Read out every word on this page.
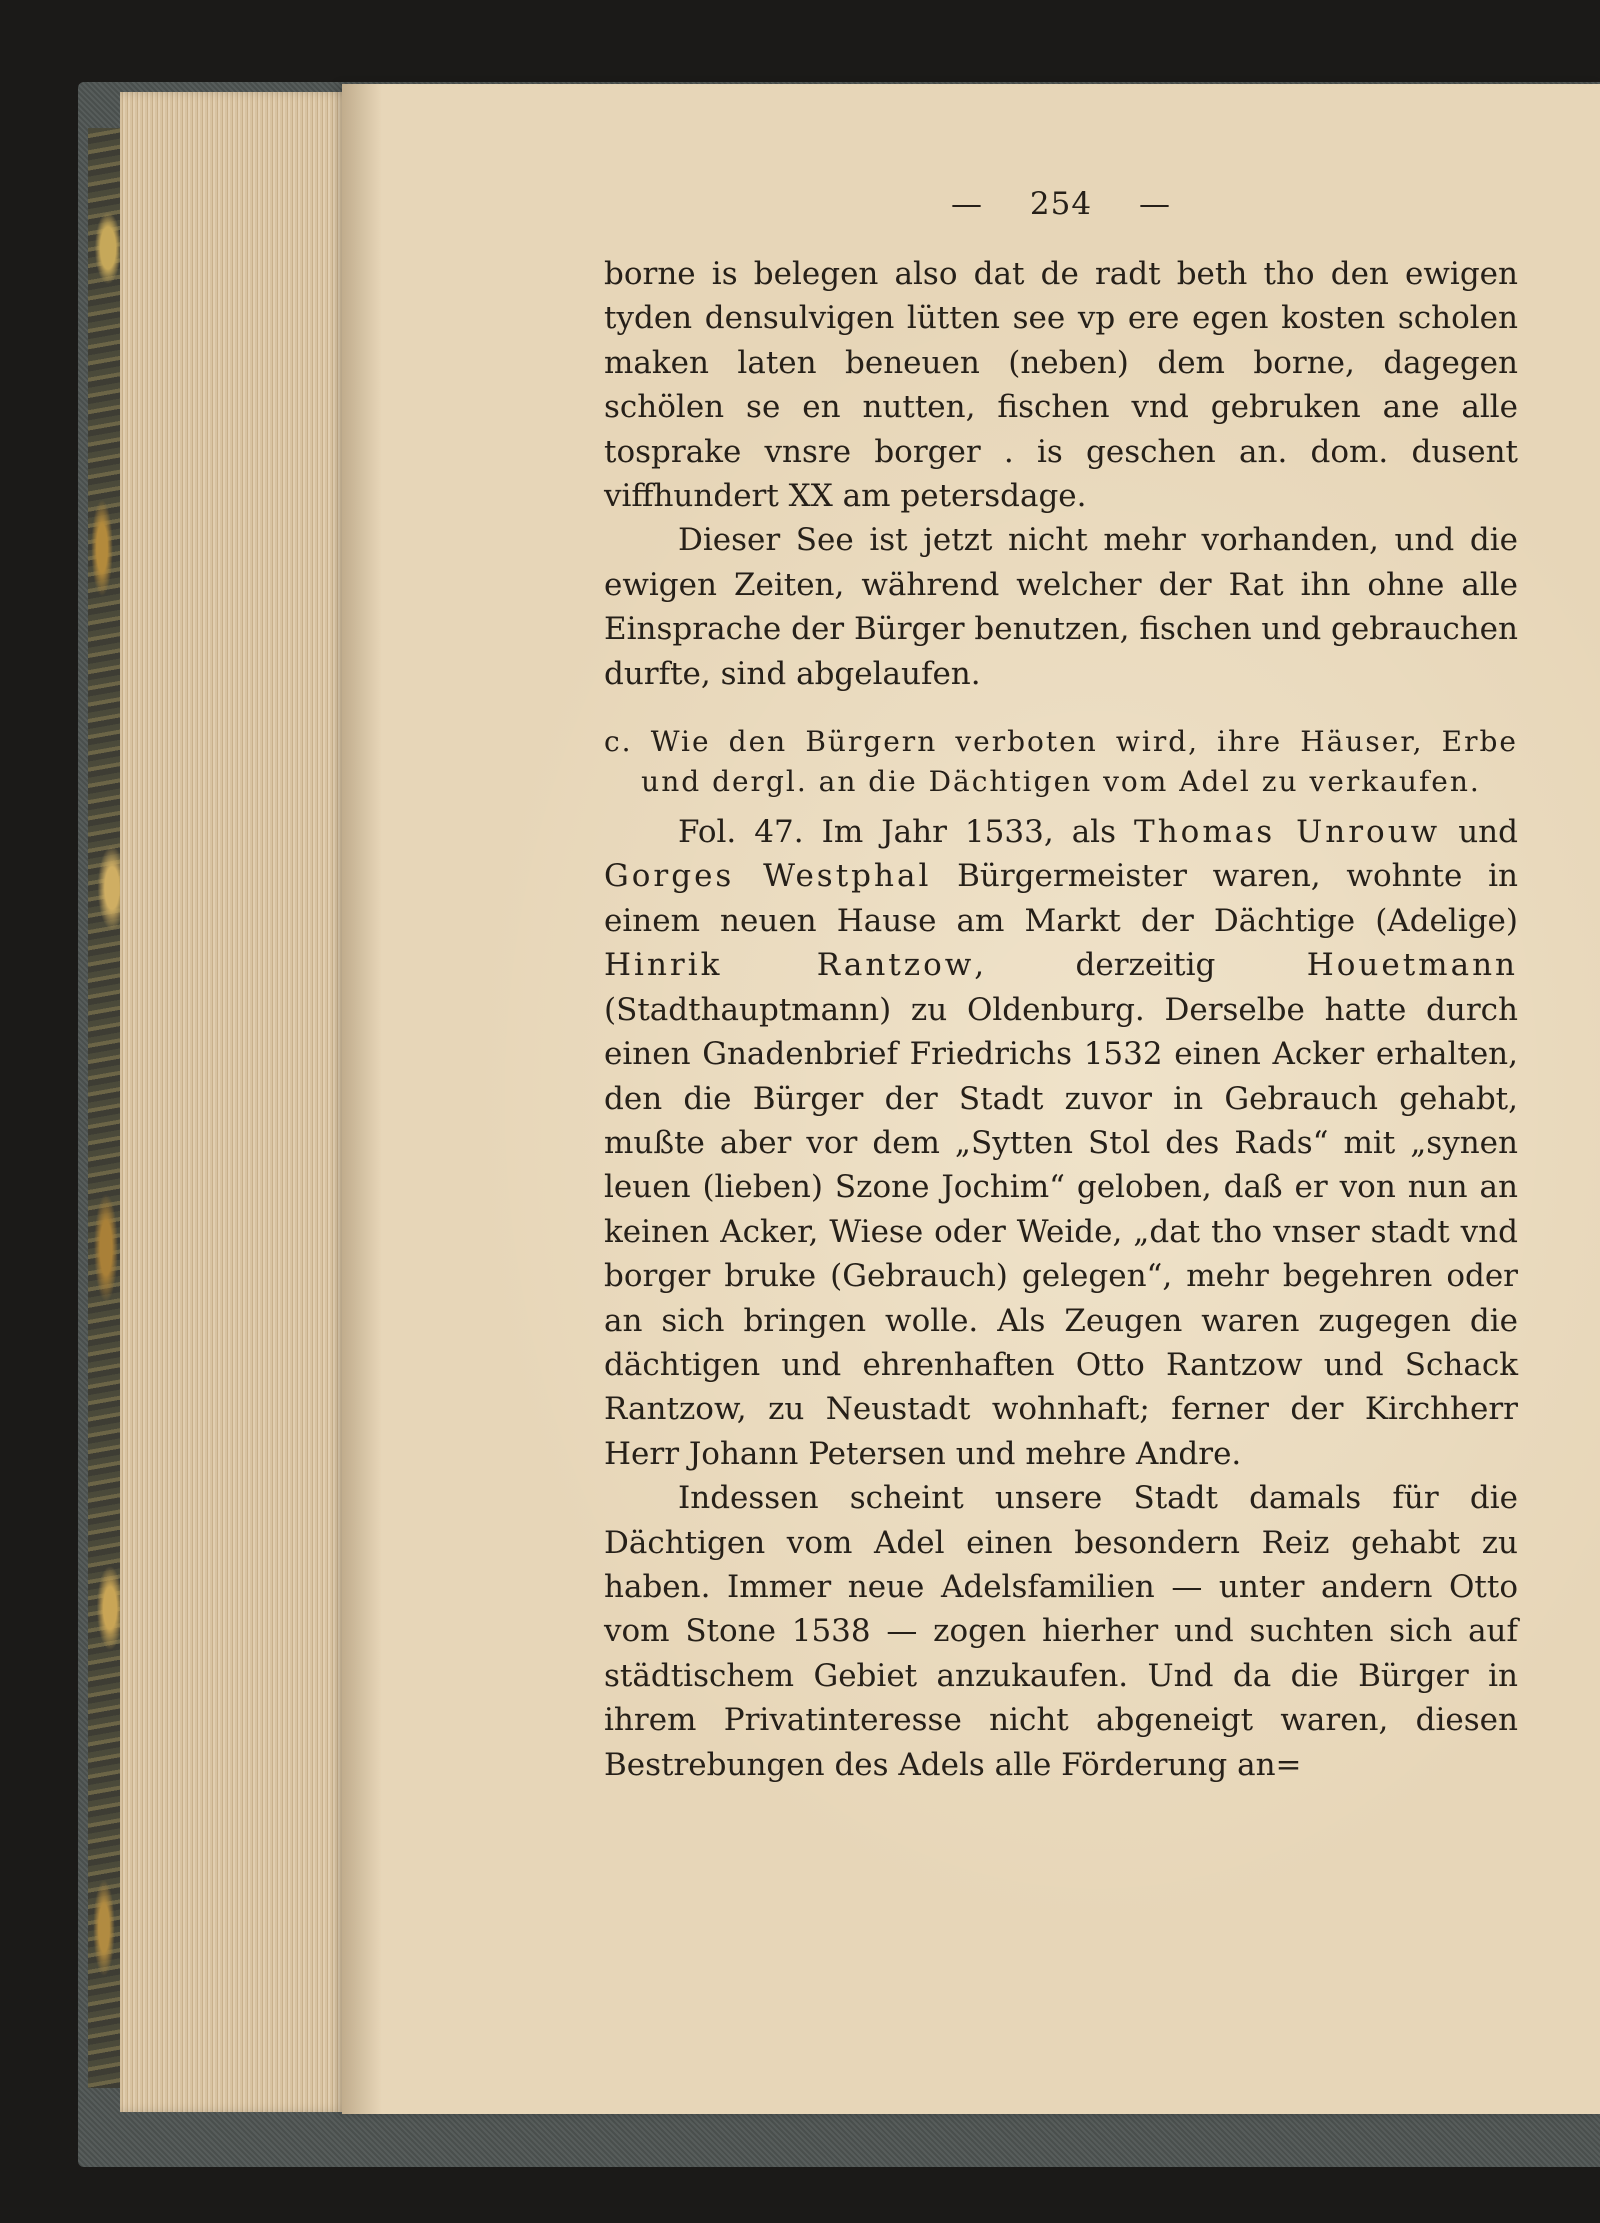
— 254 —

borne is belegen also dat de radt beth tho den ewigen tyden densulvigen lütten see vp ere egen kosten scholen maken laten beneuen (neben) dem borne, dagegen schölen se en nutten, fischen vnd gebruken ane alle tosprake vnsre borger . is geschen an. dom. dusent viffhundert XX am petersdage.

Dieser See ist jetzt nicht mehr vorhanden, und die ewigen Zeiten, während welcher der Rat ihn ohne alle Einsprache der Bürger benutzen, fischen und gebrauchen durfte, sind abgelaufen.

c. Wie den Bürgern verboten wird, ihre Häuser, Erbe und dergl. an die Dächtigen vom Adel zu verkaufen.

Fol. 47. Im Jahr 1533, als Thomas Unrouw und Gorges Westphal Bürgermeister waren, wohnte in einem neuen Hause am Markt der Dächtige (Adelige) Hinrik Rantzow, derzeitig Houetmann (Stadthauptmann) zu Oldenburg. Derselbe hatte durch einen Gnadenbrief Friedrichs 1532 einen Acker erhalten, den die Bürger der Stadt zuvor in Gebrauch gehabt, mußte aber vor dem „Sytten Stol des Rads“ mit „synen leuen (lieben) Szone Jochim“ geloben, daß er von nun an keinen Acker, Wiese oder Weide, „dat tho vnser stadt vnd borger bruke (Gebrauch) gelegen“, mehr begehren oder an sich bringen wolle. Als Zeugen waren zugegen die dächtigen und ehrenhaften Otto Rantzow und Schack Rantzow, zu Neustadt wohnhaft; ferner der Kirchherr Herr Johann Petersen und mehre Andre.

Indessen scheint unsere Stadt damals für die Dächtigen vom Adel einen besondern Reiz gehabt zu haben. Immer neue Adelsfamilien — unter andern Otto vom Stone 1538 — zogen hierher und suchten sich auf städtischem Gebiet anzukaufen. Und da die Bürger in ihrem Privatinteresse nicht abgeneigt waren, diesen Bestrebungen des Adels alle Förderung an=
